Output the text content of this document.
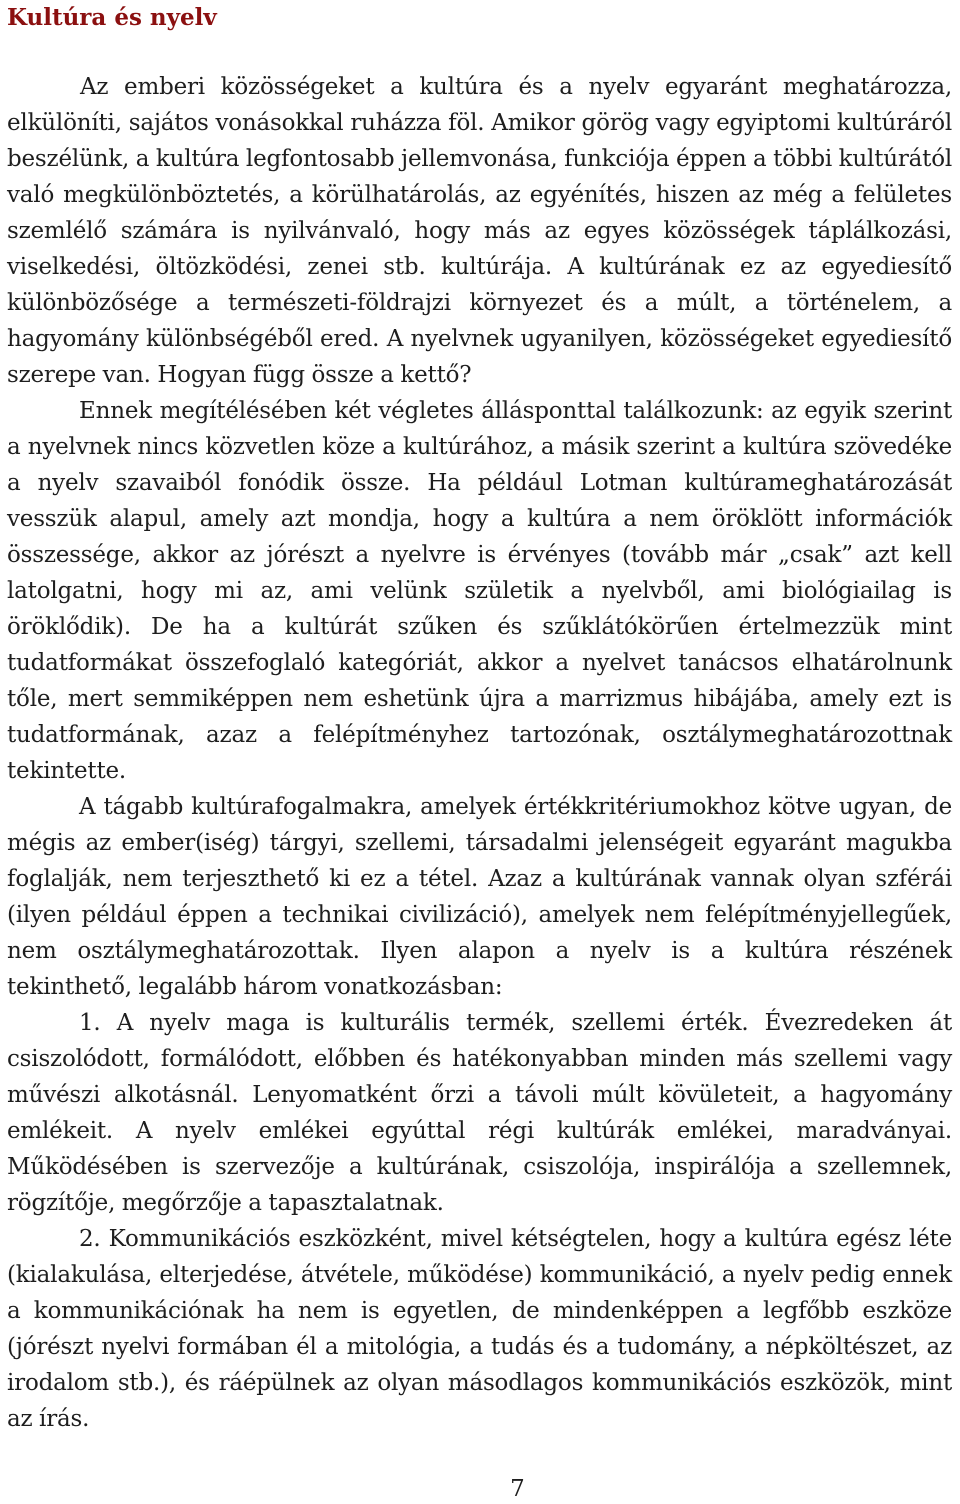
Kultúra és nyelv

Az emberi közösségeket a kultúra és a nyelv egyaránt meghatározza, elkülöníti, sajátos vonásokkal ruházza föl. Amikor görög vagy egyiptomi kultúráról beszélünk, a kultúra legfontosabb jellemvonása, funkciója éppen a többi kultúrától való megkülönböztetés, a körülhatárolás, az egyénítés, hiszen az még a felületes szemlélő számára is nyilvánvaló, hogy más az egyes közösségek táplálkozási, viselkedési, öltözködési, zenei stb. kultúrája. A kultúrának ez az egyediesítő különbözősége a természeti-földrajzi környezet és a múlt, a történelem, a hagyomány különbségéből ered. A nyelvnek ugyanilyen, közösségeket egyediesítő szerepe van. Hogyan függ össze a kettő?

Ennek megítélésében két végletes állásponttal találkozunk: az egyik szerint a nyelvnek nincs közvetlen köze a kultúrához, a másik szerint a kultúra szövedéke a nyelv szavaiból fonódik össze. Ha például Lotman kultúrameghatározását vesszük alapul, amely azt mondja, hogy a kultúra a nem öröklött információk összessége, akkor az jórészt a nyelvre is érvényes (tovább már „csak” azt kell latolgatni, hogy mi az, ami velünk születik a nyelvből, ami biológiailag is öröklődik). De ha a kultúrát szűken és szűklátókörűen értelmezzük mint tudatformákat összefoglaló kategóriát, akkor a nyelvet tanácsos elhatárolnunk tőle, mert semmiképpen nem eshetünk újra a marrizmus hibájába, amely ezt is tudatformának, azaz a felépítményhez tartozónak, osztálymeghatározottnak tekintette.

A tágabb kultúrafogalmakra, amelyek értékkritériumokhoz kötve ugyan, de mégis az ember(iség) tárgyi, szellemi, társadalmi jelenségeit egyaránt magukba foglalják, nem terjeszthető ki ez a tétel. Azaz a kultúrának vannak olyan szférái (ilyen például éppen a technikai civilizáció), amelyek nem felépítményjellegűek, nem osztálymeghatározottak. Ilyen alapon a nyelv is a kultúra részének tekinthető, legalább három vonatkozásban:

1. A nyelv maga is kulturális termék, szellemi érték. Évezredeken át csiszolódott, formálódott, előbben és hatékonyabban minden más szellemi vagy művészi alkotásnál. Lenyomatként őrzi a távoli múlt kövületeit, a hagyomány emlékeit. A nyelv emlékei egyúttal régi kultúrák emlékei, maradványai. Működésében is szervezője a kultúrának, csiszolója, inspirálója a szellemnek, rögzítője, megőrzője a tapasztalatnak.

2. Kommunikációs eszközként, mivel kétségtelen, hogy a kultúra egész léte (kialakulása, elterjedése, átvétele, működése) kommunikáció, a nyelv pedig ennek a kommunikációnak ha nem is egyetlen, de mindenképpen a legfőbb eszköze (jórészt nyelvi formában él a mitológia, a tudás és a tudomány, a népköltészet, az irodalom stb.), és ráépülnek az olyan másodlagos kommunikációs eszközök, mint az írás.

7
